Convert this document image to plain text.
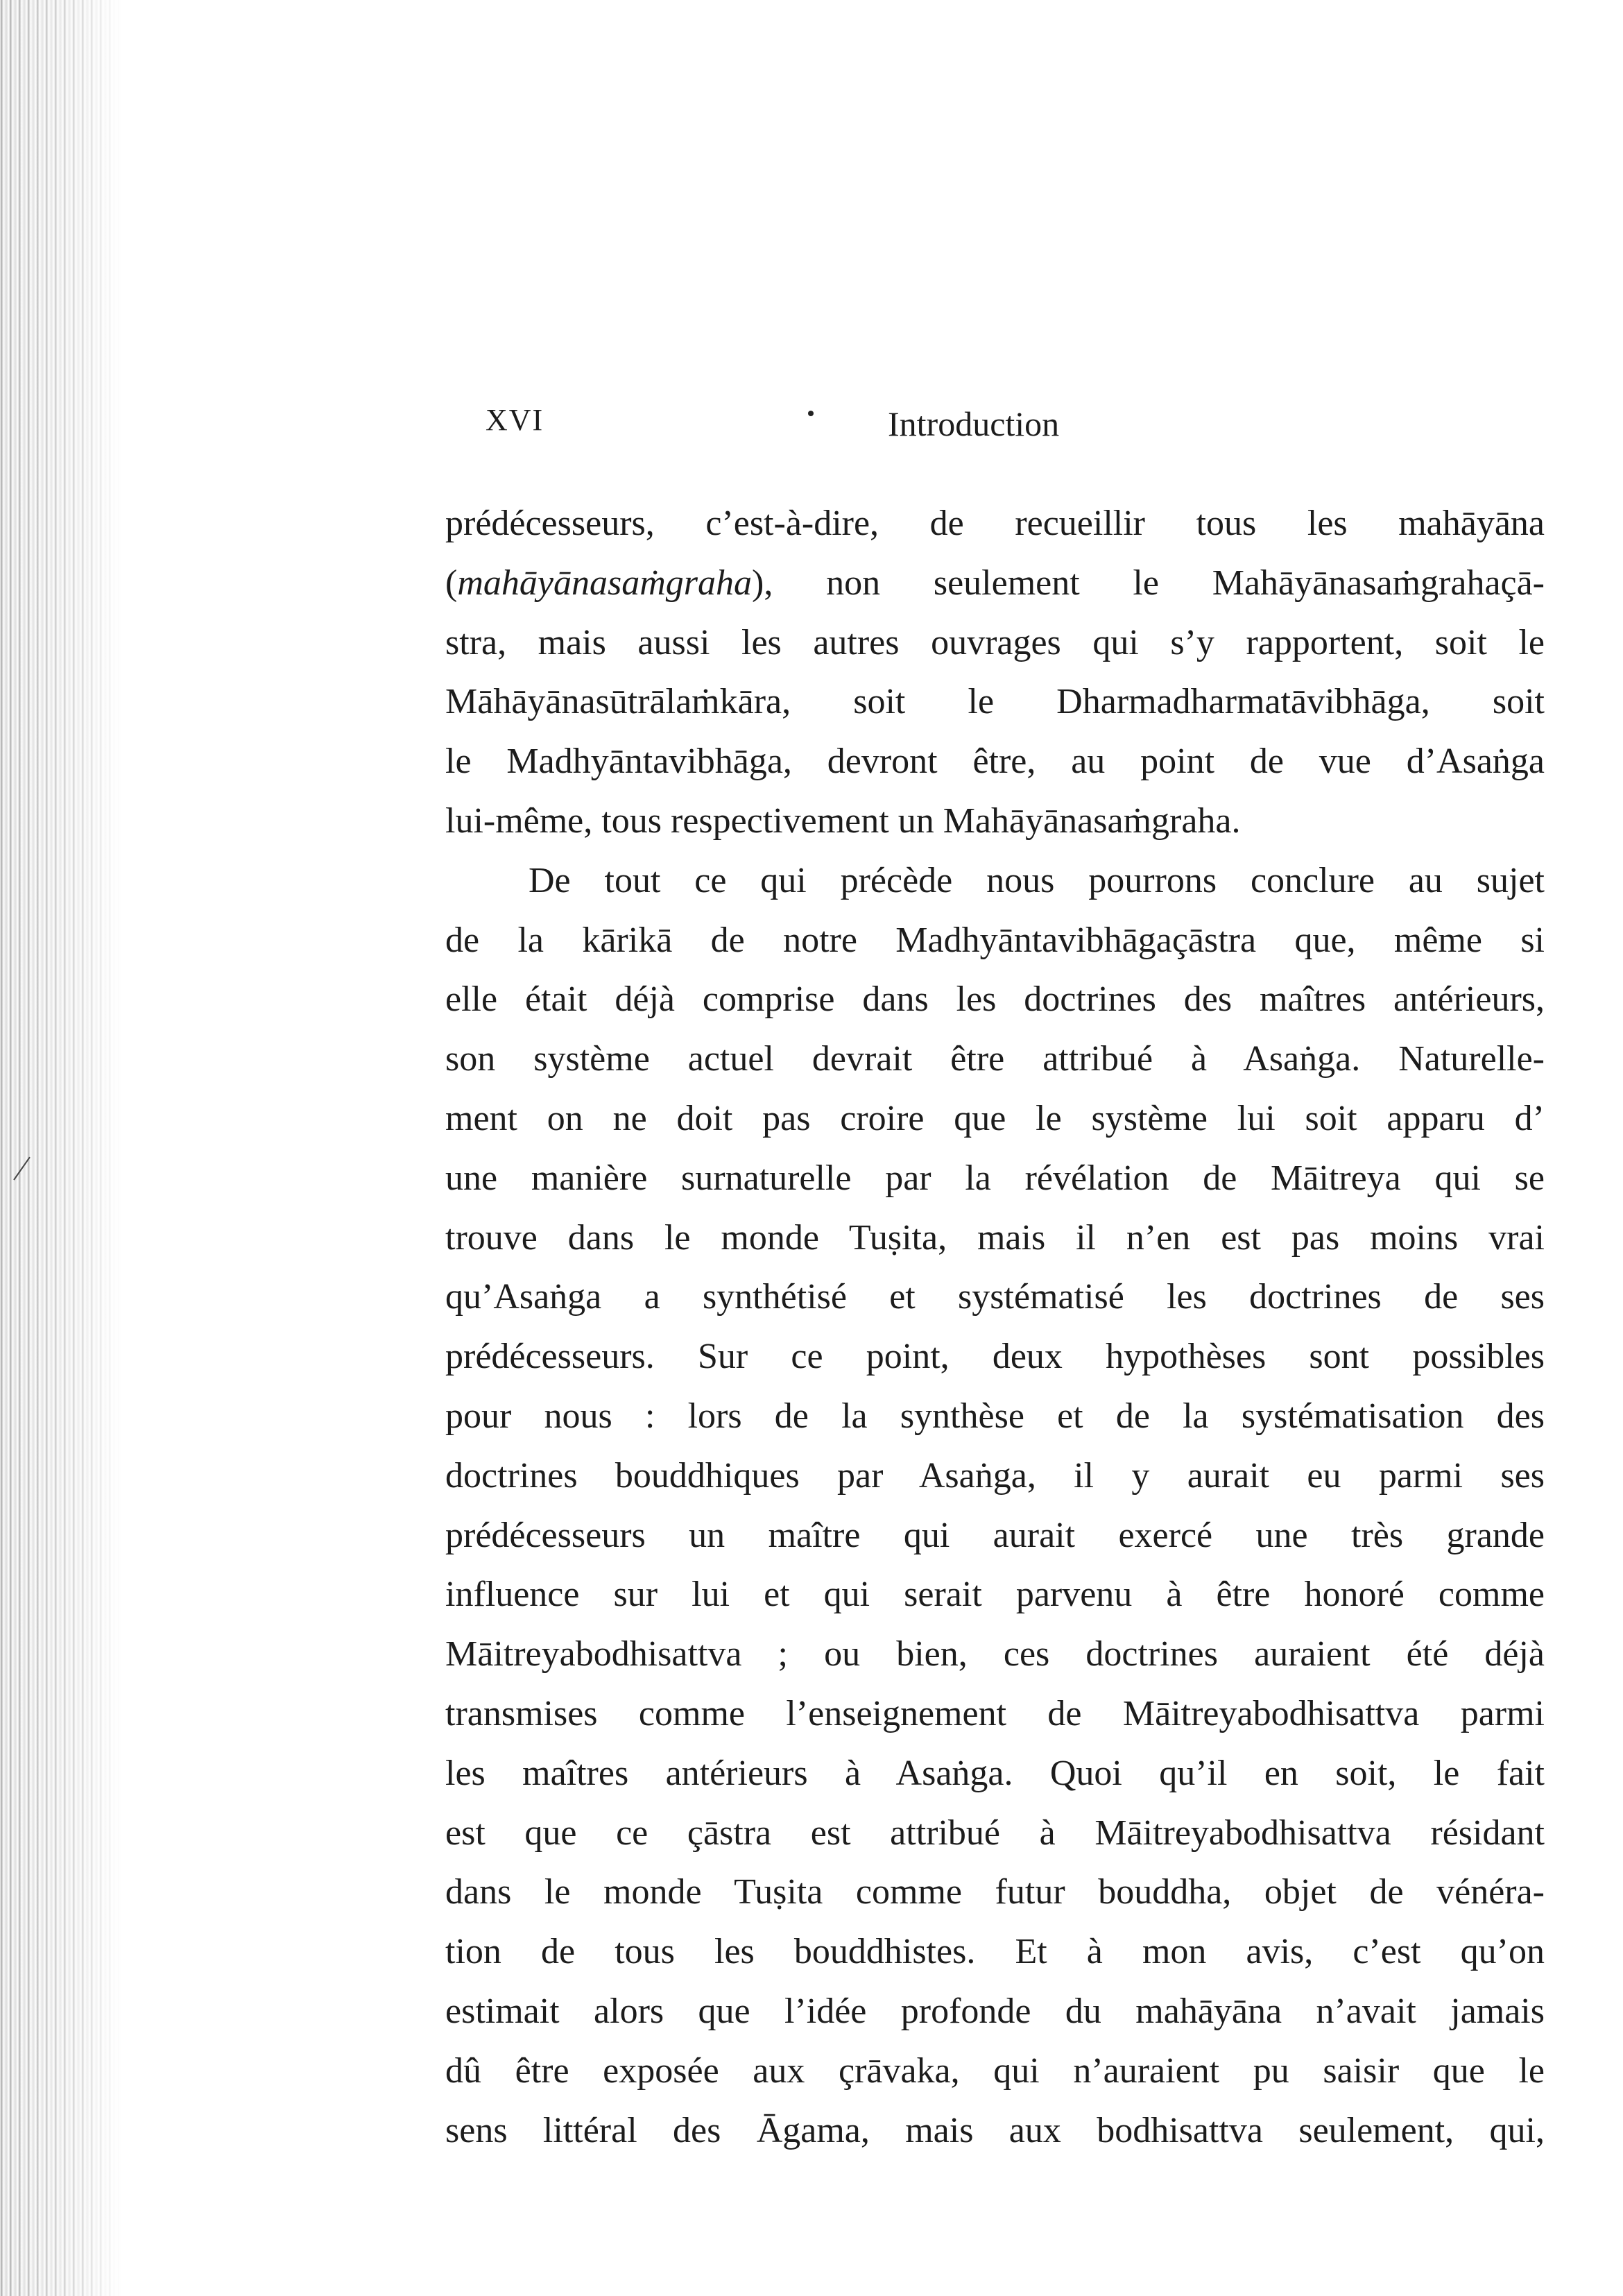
XVI	Introduction
prédécesseurs, c’est-à-dire, de recueillir tous les mahāyāna
(mahāyānasaṁgraha), non seulement le Mahāyānasaṁgrahaçā-
stra, mais aussi les autres ouvrages qui s’y rapportent, soit le
Māhāyānasūtrālaṁkāra, soit le Dharmadharmatāvibhāga, soit
le Madhyāntavibhāga, devront être, au point de vue d’Asaṅga
lui-même, tous respectivement un Mahāyānasaṁgraha.
De tout ce qui précède nous pourrons conclure au sujet
de la kārikā de notre Madhyāntavibhāgaçāstra que, même si
elle était déjà comprise dans les doctrines des maîtres antérieurs,
son système actuel devrait être attribué à Asaṅga. Naturelle-
ment on ne doit pas croire que le système lui soit apparu d’
une manière surnaturelle par la révélation de Māitreya qui se
trouve dans le monde Tuṣita, mais il n’en est pas moins vrai
qu’Asaṅga a synthétisé et systématisé les doctrines de ses
prédécesseurs. Sur ce point, deux hypothèses sont possibles
pour nous : lors de la synthèse et de la systématisation des
doctrines bouddhiques par Asaṅga, il y aurait eu parmi ses
prédécesseurs un maître qui aurait exercé une très grande
influence sur lui et qui serait parvenu à être honoré comme
Māitreyabodhisattva ; ou bien, ces doctrines auraient été déjà
transmises comme l’enseignement de Māitreyabodhisattva parmi
les maîtres antérieurs à Asaṅga. Quoi qu’il en soit, le fait
est que ce çāstra est attribué à Māitreyabodhisattva résidant
dans le monde Tuṣita comme futur bouddha, objet de vénéra-
tion de tous les bouddhistes. Et à mon avis, c’est qu’on
estimait alors que l’idée profonde du mahāyāna n’avait jamais
dû être exposée aux çrāvaka, qui n’auraient pu saisir que le
sens littéral des Āgama, mais aux bodhisattva seulement, qui,
